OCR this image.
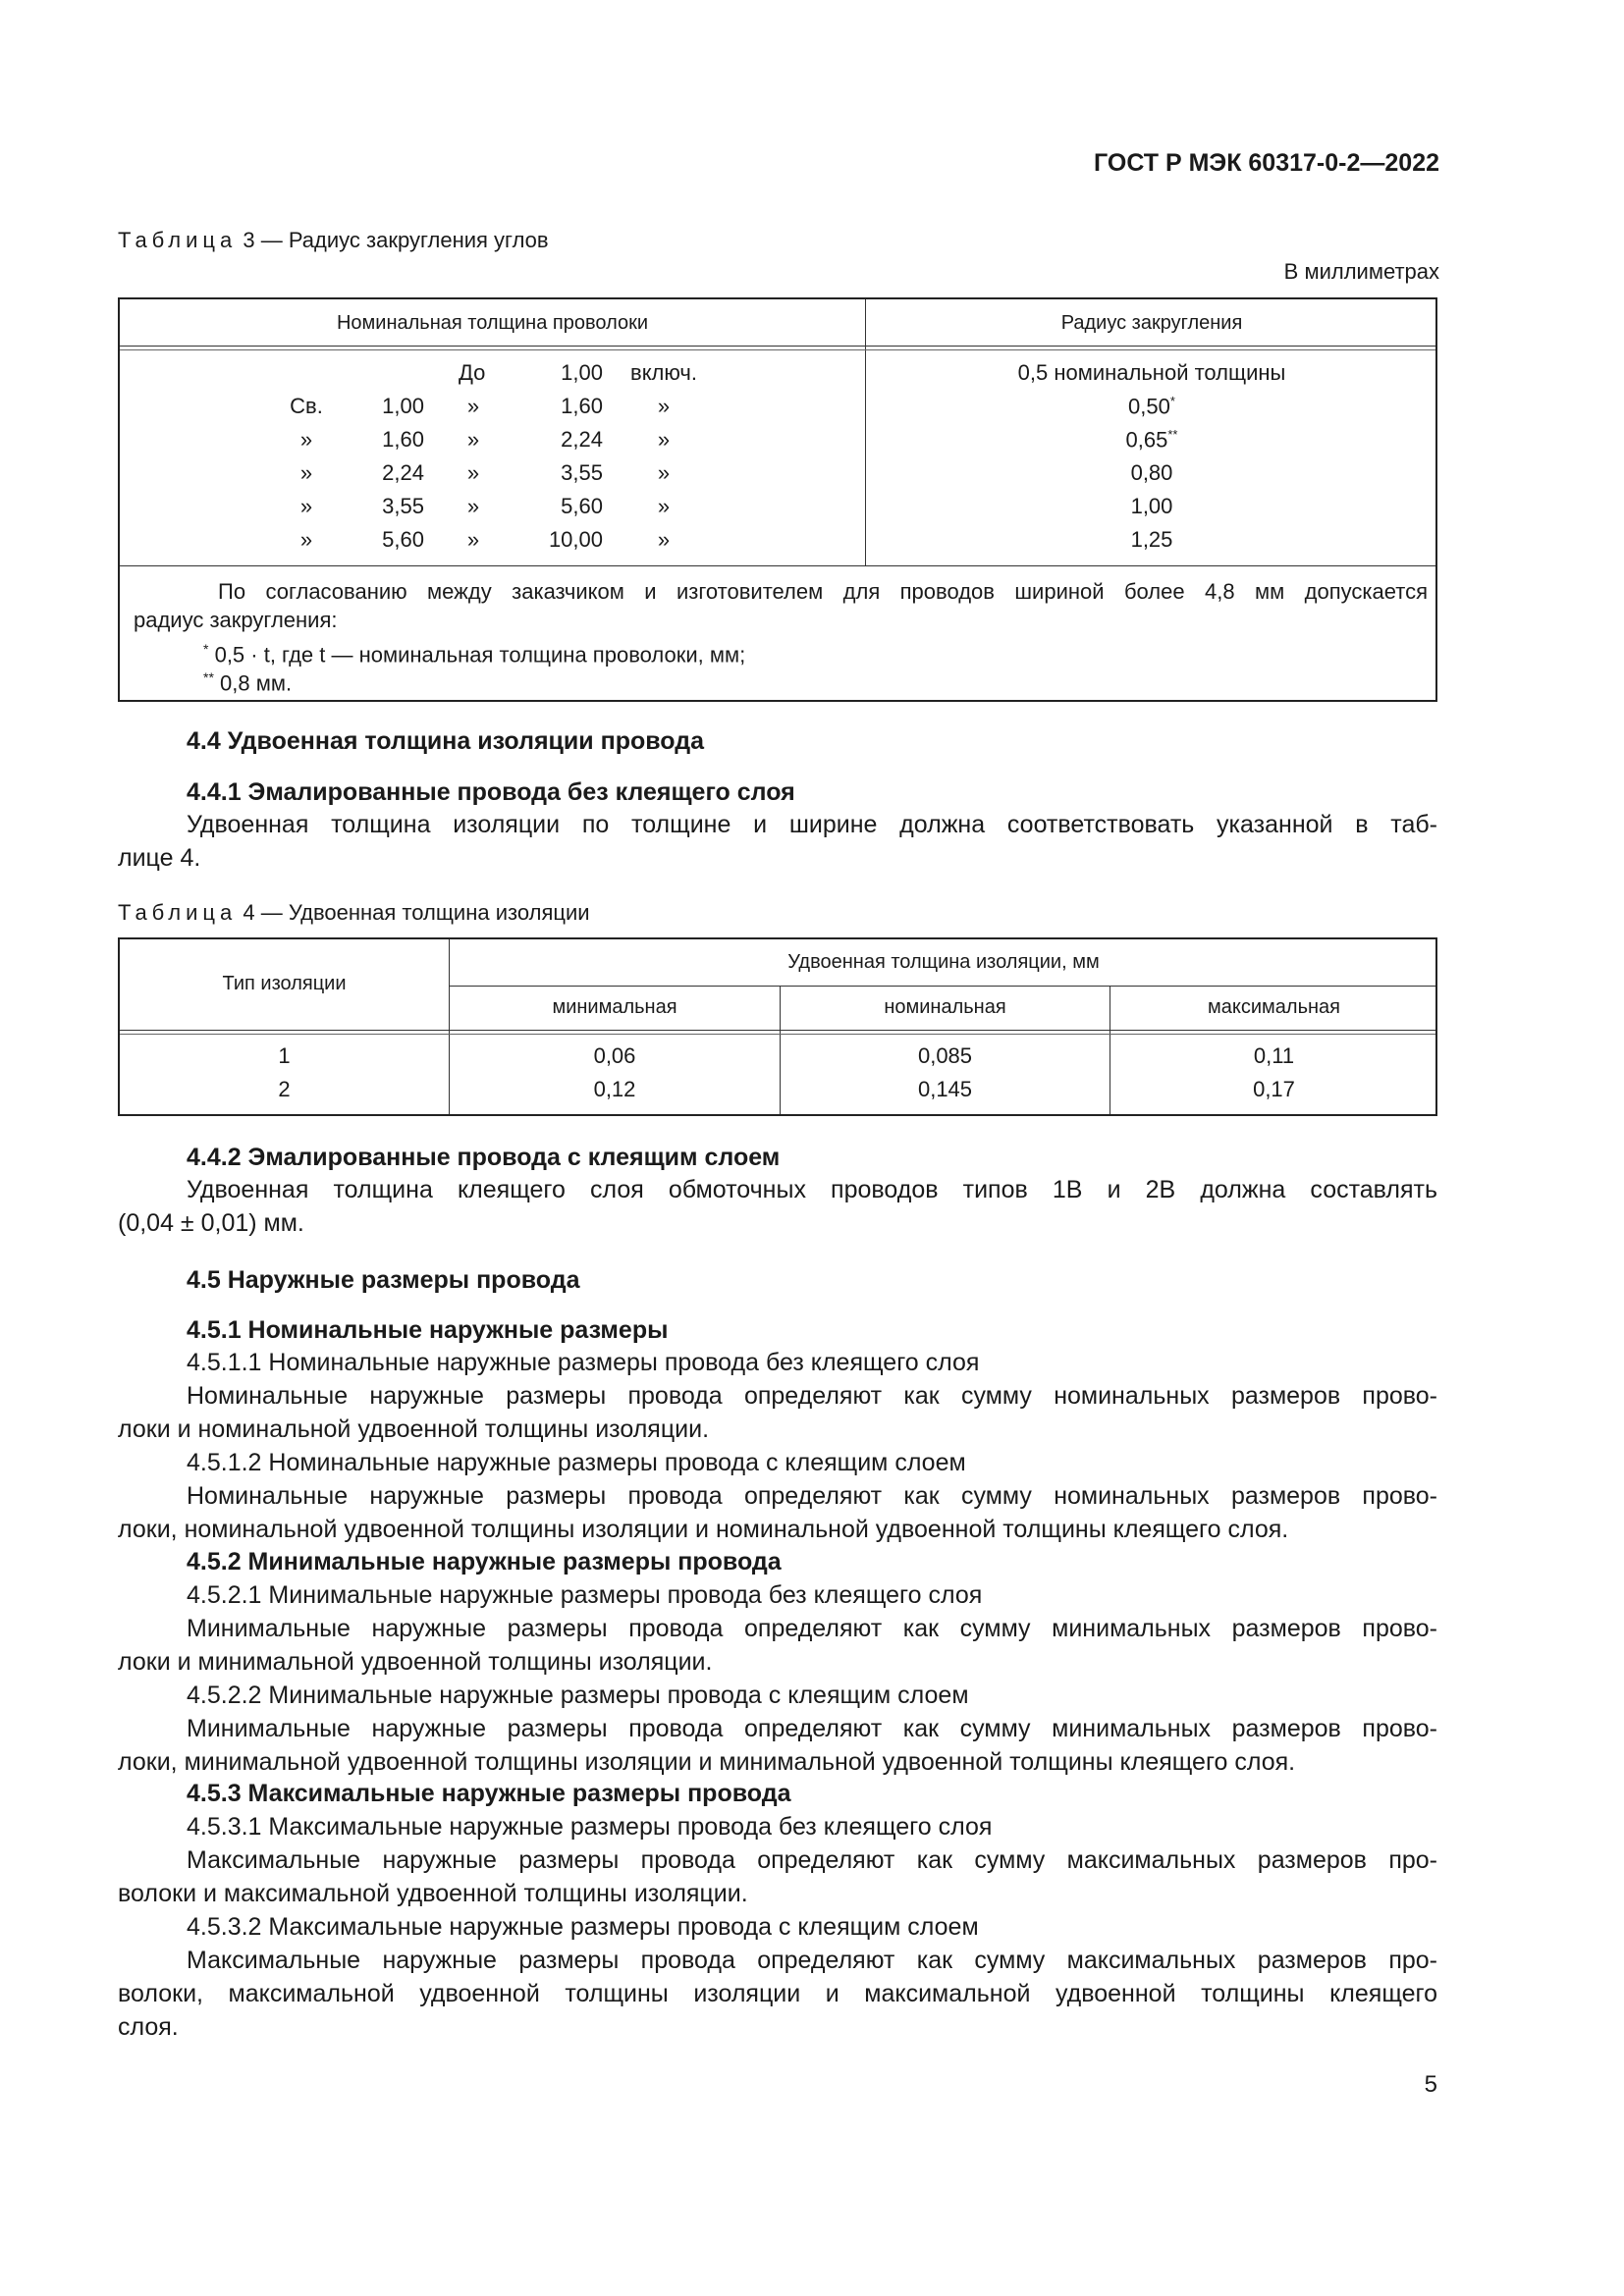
ГОСТ Р МЭК 60317-0-2—2022
Таблица 3 — Радиус закругления углов
В миллиметрах
Номинальная толщина проволоки	Радиус закругления
До	1,00	включ.	0,5 номинальной толщины
Св.	1,00	»	1,60	»	0,50*
»	1,60	»	2,24	»	0,65**
»	2,24	»	3,55	»	0,80
»	3,55	»	5,60	»	1,00
»	5,60	»	10,00	»	1,25
По согласованию между заказчиком и изготовителем для проводов шириной более 4,8 мм допускается
радиус закругления:
* 0,5 · t, где t — номинальная толщина проволоки, мм;
** 0,8 мм.
4.4 Удвоенная толщина изоляции провода
4.4.1 Эмалированные провода без клеящего слоя
Удвоенная толщина изоляции по толщине и ширине должна соответствовать указанной в таб-
лице 4.
Таблица 4 — Удвоенная толщина изоляции
Тип изоляции
Удвоенная толщина изоляции, мм
минимальная	номинальная	максимальная
1	0,06	0,085	0,11
2	0,12	0,145	0,17
4.4.2 Эмалированные провода с клеящим слоем
Удвоенная толщина клеящего слоя обмоточных проводов типов 1В и 2В должна составлять
(0,04 ± 0,01) мм.
4.5 Наружные размеры провода
4.5.1 Номинальные наружные размеры
4.5.1.1 Номинальные наружные размеры провода без клеящего слоя
Номинальные наружные размеры провода определяют как сумму номинальных размеров прово-
локи и номинальной удвоенной толщины изоляции.
4.5.1.2 Номинальные наружные размеры провода с клеящим слоем
Номинальные наружные размеры провода определяют как сумму номинальных размеров прово-
локи, номинальной удвоенной толщины изоляции и номинальной удвоенной толщины клеящего слоя.
4.5.2 Минимальные наружные размеры провода
4.5.2.1 Минимальные наружные размеры провода без клеящего слоя
Минимальные наружные размеры провода определяют как сумму минимальных размеров прово-
локи и минимальной удвоенной толщины изоляции.
4.5.2.2 Минимальные наружные размеры провода с клеящим слоем
Минимальные наружные размеры провода определяют как сумму минимальных размеров прово-
локи, минимальной удвоенной толщины изоляции и минимальной удвоенной толщины клеящего слоя.
4.5.3 Максимальные наружные размеры провода
4.5.3.1 Максимальные наружные размеры провода без клеящего слоя
Максимальные наружные размеры провода определяют как сумму максимальных размеров про-
волоки и максимальной удвоенной толщины изоляции.
4.5.3.2 Максимальные наружные размеры провода с клеящим слоем
Максимальные наружные размеры провода определяют как сумму максимальных размеров про-
волоки, максимальной удвоенной толщины изоляции и максимальной удвоенной толщины клеящего
слоя.
5
